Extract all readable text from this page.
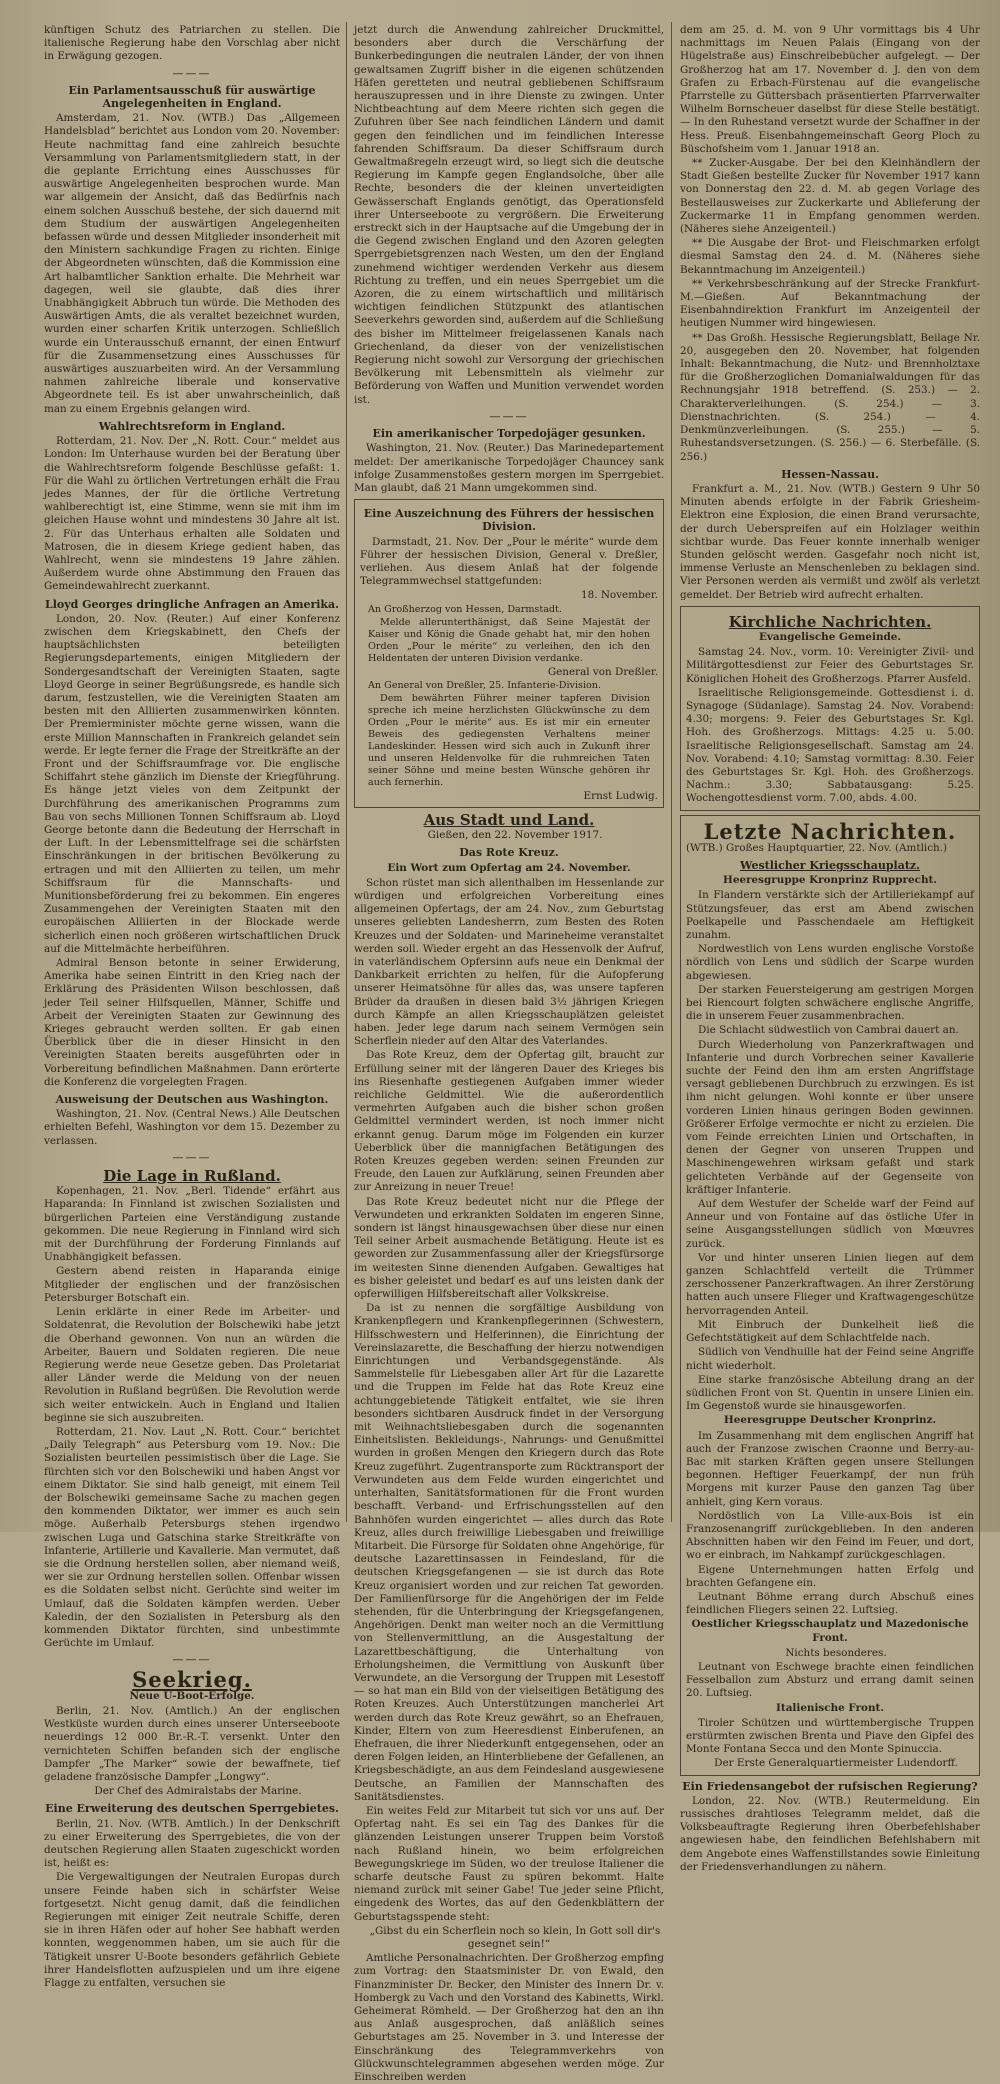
künftigen Schutz des Patriarchen zu stellen. Die italienische Regierung habe den Vorschlag aber nicht in Erwägung gezogen.

———
Ein Parlamentsausschuß für auswärtige Angelegenheiten in England.

Amsterdam, 21. Nov. (WTB.) Das „Allgemeen Handelsblad“ berichtet aus London vom 20. November: Heute nachmittag fand eine zahlreich besuchte Versammlung von Parlamentsmitgliedern statt, in der die geplante Errichtung eines Ausschusses für auswärtige Angelegenheiten besprochen wurde. Man war allgemein der Ansicht, daß das Bedürfnis nach einem solchen Ausschuß bestehe, der sich dauernd mit dem Studium der auswärtigen Angelegenheiten befassen würde und dessen Mitglieder insonderheit mit den Ministern sachkundige Fragen zu richten. Einige der Abgeordneten wünschten, daß die Kommission eine Art halbamtlicher Sanktion erhalte. Die Mehrheit war dagegen, weil sie glaubte, daß dies ihrer Unabhängigkeit Abbruch tun würde. Die Methoden des Auswärtigen Amts, die als veraltet bezeichnet wurden, wurden einer scharfen Kritik unterzogen. Schließlich wurde ein Unterausschuß ernannt, der einen Entwurf für die Zusammensetzung eines Ausschusses für auswärtiges auszuarbeiten wird. An der Versammlung nahmen zahlreiche liberale und konservative Abgeordnete teil. Es ist aber unwahrscheinlich, daß man zu einem Ergebnis gelangen wird.

Wahlrechtsreform in England.

Rotterdam, 21. Nov. Der „N. Rott. Cour.“ meldet aus London: Im Unterhause wurden bei der Beratung über die Wahlrechtsreform folgende Beschlüsse gefaßt: 1. Für die Wahl zu örtlichen Vertretungen erhält die Frau jedes Mannes, der für die örtliche Vertretung wahlberechtigt ist, eine Stimme, wenn sie mit ihm im gleichen Hause wohnt und mindestens 30 Jahre alt ist. 2. Für das Unterhaus erhalten alle Soldaten und Matrosen, die in diesem Kriege gedient haben, das Wahlrecht, wenn sie mindestens 19 Jahre zählen. Außerdem wurde ohne Abstimmung den Frauen das Gemeindewahlrecht zuerkannt.

Lloyd Georges dringliche Anfragen an Amerika.

London, 20. Nov. (Reuter.) Auf einer Konferenz zwischen dem Kriegskabinett, den Chefs der hauptsächlichsten beteiligten Regierungsdepartements, einigen Mitgliedern der Sondergesandtschaft der Vereinigten Staaten, sagte Lloyd George in seiner Begrüßungsrede, es handle sich darum, festzustellen, wie die Vereinigten Staaten am besten mit den Alliierten zusammenwirken könnten. Der Premierminister möchte gerne wissen, wann die erste Million Mannschaften in Frankreich gelandet sein werde. Er legte ferner die Frage der Streitkräfte an der Front und der Schiffsraumfrage vor. Die englische Schiffahrt stehe gänzlich im Dienste der Kriegführung. Es hänge jetzt vieles von dem Zeitpunkt der Durchführung des amerikanischen Programms zum Bau von sechs Millionen Tonnen Schiffsraum ab. Lloyd George betonte dann die Bedeutung der Herrschaft in der Luft. In der Lebensmittelfrage sei die schärfsten Einschränkungen in der britischen Bevölkerung zu ertragen und mit den Alliierten zu teilen, um mehr Schiffsraum für die Mannschafts- und Munitionsbeförderung frei zu bekommen. Ein engeres Zusammengehen der Vereinigten Staaten mit den europäischen Alliierten in der Blockade werde sicherlich einen noch größeren wirtschaftlichen Druck auf die Mittelmächte herbeiführen.

Admiral Benson betonte in seiner Erwiderung, Amerika habe seinen Eintritt in den Krieg nach der Erklärung des Präsidenten Wilson beschlossen, daß jeder Teil seiner Hilfsquellen, Männer, Schiffe und Arbeit der Vereinigten Staaten zur Gewinnung des Krieges gebraucht werden sollten. Er gab einen Überblick über die in dieser Hinsicht in den Vereinigten Staaten bereits ausgeführten oder in Vorbereitung befindlichen Maßnahmen. Dann erörterte die Konferenz die vorgelegten Fragen.

Ausweisung der Deutschen aus Washington.

Washington, 21. Nov. (Central News.) Alle Deutschen erhielten Befehl, Washington vor dem 15. Dezember zu verlassen.

———
Die Lage in Rußland.

Kopenhagen, 21. Nov. „Berl. Tidende“ erfährt aus Haparanda: In Finnland ist zwischen Sozialisten und bürgerlichen Parteien eine Verständigung zustande gekommen. Die neue Regierung in Finnland wird sich mit der Durchführung der Forderung Finnlands auf Unabhängigkeit befassen.

Gestern abend reisten in Haparanda einige Mitglieder der englischen und der französischen Petersburger Botschaft ein.

Lenin erklärte in einer Rede im Arbeiter- und Soldatenrat, die Revolution der Bolschewiki habe jetzt die Oberhand gewonnen. Von nun an würden die Arbeiter, Bauern und Soldaten regieren. Die neue Regierung werde neue Gesetze geben. Das Proletariat aller Länder werde die Meldung von der neuen Revolution in Rußland begrüßen. Die Revolution werde sich weiter entwickeln. Auch in England und Italien beginne sie sich auszubreiten.

Rotterdam, 21. Nov. Laut „N. Rott. Cour.“ berichtet „Daily Telegraph“ aus Petersburg vom 19. Nov.: Die Sozialisten beurteilen pessimistisch über die Lage. Sie fürchten sich vor den Bolschewiki und haben Angst vor einem Diktator. Sie sind halb geneigt, mit einem Teil der Bolschewiki gemeinsame Sache zu machen gegen den kommenden Diktator, wer immer es auch sein möge. Außerhalb Petersburgs stehen irgendwo zwischen Luga und Gatschina starke Streitkräfte von Infanterie, Artillerie und Kavallerie. Man vermutet, daß sie die Ordnung herstellen sollen, aber niemand weiß, wer sie zur Ordnung herstellen sollen. Offenbar wissen es die Soldaten selbst nicht. Gerüchte sind weiter im Umlauf, daß die Soldaten kämpfen werden. Ueber Kaledin, der den Sozialisten in Petersburg als den kommenden Diktator fürchten, sind unbestimmte Gerüchte im Umlauf.

———
Seekrieg.
Neue U-Boot-Erfolge.

Berlin, 21. Nov. (Amtlich.) An der englischen Westküste wurden durch eines unserer Unterseeboote neuerdings 12 000 Br.-R.-T. versenkt. Unter den vernichteten Schiffen befanden sich der englische Dampfer „The Marker“ sowie der bewaffnete, tief geladene französische Dampfer „Longwy“.

Der Chef des Admiralstabs der Marine.

Eine Erweiterung des deutschen Sperrgebietes.

Berlin, 21. Nov. (WTB. Amtlich.) In der Denkschrift zu einer Erweiterung des Sperrgebietes, die von der deutschen Regierung allen Staaten zugeschickt worden ist, heißt es:

Die Vergewaltigungen der Neutralen Europas durch unsere Feinde haben sich in schärfster Weise fortgesetzt. Nicht genug damit, daß die feindlichen Regierungen mit einiger Zeit neutrale Schiffe, deren sie in ihren Häfen oder auf hoher See habhaft werden konnten, weggenommen haben, um sie auch für die Tätigkeit unsrer U-Boote besonders gefährlich Gebiete ihrer Handelsflotten aufzuspielen und um ihre eigene Flagge zu entfalten, versuchen sie

jetzt durch die Anwendung zahlreicher Druckmittel, besonders aber durch die Verschärfung der Bunkerbedingungen die neutralen Länder, der von ihnen gewaltsamen Zugriff bisher in die eigenen schützenden Häfen geretteten und neutral gebliebenen Schiffsraum herauszupressen und in ihre Dienste zu zwingen. Unter Nichtbeachtung auf dem Meere richten sich gegen die Zufuhren über See nach feindlichen Ländern und damit gegen den feindlichen und im feindlichen Interesse fahrenden Schiffsraum. Da dieser Schiffsraum durch Gewaltmaßregeln erzeugt wird, so liegt sich die deutsche Regierung im Kampfe gegen Englandsolche, über alle Rechte, besonders die der kleinen unverteidigten Gewässerschaft Englands genötigt, das Operationsfeld ihrer Unterseeboote zu vergrößern. Die Erweiterung erstreckt sich in der Hauptsache auf die Umgebung der in die Gegend zwischen England und den Azoren gelegten Sperrgebietsgrenzen nach Westen, um den der England zunehmend wichtiger werdenden Verkehr aus diesem Richtung zu treffen, und ein neues Sperrgebiet um die Azoren, die zu einem wirtschaftlich und militärisch wichtigen feindlichen Stützpunkt des atlantischen Seeverkehrs geworden sind, außerdem auf die Schließung des bisher im Mittelmeer freigelassenen Kanals nach Griechenland, da dieser von der venizelistischen Regierung nicht sowohl zur Versorgung der griechischen Bevölkerung mit Lebensmitteln als vielmehr zur Beförderung von Waffen und Munition verwendet worden ist.

———
Ein amerikanischer Torpedojäger gesunken.

Washington, 21. Nov. (Reuter.) Das Marinedepartement meldet: Der amerikanische Torpedojäger Chauncey sank infolge Zusammenstoßes gestern morgen im Sperrgebiet. Man glaubt, daß 21 Mann umgekommen sind.

Eine Auszeichnung des Führers der hessischen Division.

Darmstadt, 21. Nov. Der „Pour le mérite“ wurde dem Führer der hessischen Division, General v. Dreßler, verliehen. Aus diesem Anlaß hat der folgende Telegrammwechsel stattgefunden:

18. November.

An Großherzog von Hessen, Darmstadt.

Melde allerunterthänigst, daß Seine Majestät der Kaiser und König die Gnade gehabt hat, mir den hohen Orden „Pour le mérite“ zu verleihen, den ich den Heldentaten der unteren Division verdanke.

General von Dreßler.

An General von Dreßler, 25. Infanterie-Division.

Dem bewährten Führer meiner tapferen Division spreche ich meine herzlichsten Glückwünsche zu dem Orden „Pour le mérite“ aus. Es ist mir ein erneuter Beweis des gediegensten Verhaltens meiner Landeskinder. Hessen wird sich auch in Zukunft ihrer und unseren Heldenvolke für die ruhmreichen Taten seiner Söhne und meine besten Wünsche gehören ihr auch fernerhin.

Ernst Ludwig.

Aus Stadt und Land.

Gießen, den 22. November 1917.

Das Rote Kreuz.
Ein Wort zum Opfertag am 24. November.

Schon rüstet man sich allenthalben im Hessenlande zur würdigen und erfolgreichen Vorbereitung eines allgemeinen Opfertags, der am 24. Nov., zum Geburtstag unseres geliebten Landesherrn, zum Besten des Roten Kreuzes und der Soldaten- und Marineheime veranstaltet werden soll. Wieder ergeht an das Hessenvolk der Aufruf, in vaterländischem Opfersinn aufs neue ein Denkmal der Dankbarkeit errichten zu helfen, für die Aufopferung unserer Heimatsöhne für alles das, was unsere tapferen Brüder da draußen in diesen bald 3½ jährigen Kriegen durch Kämpfe an allen Kriegsschauplätzen geleistet haben. Jeder lege darum nach seinem Vermögen sein Scherflein nieder auf den Altar des Vaterlandes.

Das Rote Kreuz, dem der Opfertag gilt, braucht zur Erfüllung seiner mit der längeren Dauer des Krieges bis ins Riesenhafte gestiegenen Aufgaben immer wieder reichliche Geldmittel. Wie die außerordentlich vermehrten Aufgaben auch die bisher schon großen Geldmittel vermindert werden, ist noch immer nicht erkannt genug. Darum möge im Folgenden ein kurzer Ueberblick über die mannigfachen Betätigungen des Roten Kreuzes gegeben werden: seinen Freunden zur Freude, den Lauen zur Aufklärung, seinen Freunden aber zur Anreizung in neuer Treue!

Das Rote Kreuz bedeutet nicht nur die Pflege der Verwundeten und erkrankten Soldaten im engeren Sinne, sondern ist längst hinausgewachsen über diese nur einen Teil seiner Arbeit ausmachende Betätigung. Heute ist es geworden zur Zusammenfassung aller der Kriegsfürsorge im weitesten Sinne dienenden Aufgaben. Gewaltiges hat es bisher geleistet und bedarf es auf uns leisten dank der opferwilligen Hilfsbereitschaft aller Volkskreise.

Da ist zu nennen die sorgfältige Ausbildung von Krankenpflegern und Krankenpflegerinnen (Schwestern, Hilfsschwestern und Helferinnen), die Einrichtung der Vereinslazarette, die Beschaffung der hierzu notwendigen Einrichtungen und Verbandsgegenstände. Als Sammelstelle für Liebesgaben aller Art für die Lazarette und die Truppen im Felde hat das Rote Kreuz eine achtunggebietende Tätigkeit entfaltet, wie sie ihren besonders sichtbaren Ausdruck findet in der Versorgung mit Weihnachtsliebesgaben durch die sogenannten Einheitslisten. Bekleidungs-, Nahrungs- und Genußmittel wurden in großen Mengen den Kriegern durch das Rote Kreuz zugeführt. Zugentransporte zum Rücktransport der Verwundeten aus dem Felde wurden eingerichtet und unterhalten, Sanitätsformationen für die Front wurden beschafft. Verband- und Erfrischungsstellen auf den Bahnhöfen wurden eingerichtet — alles durch das Rote Kreuz, alles durch freiwillige Liebesgaben und freiwillige Mitarbeit. Die Fürsorge für Soldaten ohne Angehörige, für deutsche Lazarettinsassen in Feindesland, für die deutschen Kriegsgefangenen — sie ist durch das Rote Kreuz organisiert worden und zur reichen Tat geworden. Der Familienfürsorge für die Angehörigen der im Felde stehenden, für die Unterbringung der Kriegsgefangenen, Angehörigen. Denkt man weiter noch an die Vermittlung von Stellenvermittlung, an die Ausgestaltung der Lazarettbeschäftigung, die Unterhaltung von Erholungsheimen, die Vermittlung von Auskunft über Verwundete, an die Versorgung der Truppen mit Lesestoff — so hat man ein Bild von der vielseitigen Betätigung des Roten Kreuzes. Auch Unterstützungen mancherlei Art werden durch das Rote Kreuz gewährt, so an Ehefrauen, Kinder, Eltern von zum Heeresdienst Einberufenen, an Ehefrauen, die ihrer Niederkunft entgegensehen, oder an deren Folgen leiden, an Hinterbliebene der Gefallenen, an Kriegsbeschädigte, an aus dem Feindesland ausgewiesene Deutsche, an Familien der Mannschaften des Sanitätsdienstes.

Ein weites Feld zur Mitarbeit tut sich vor uns auf. Der Opfertag naht. Es sei ein Tag des Dankes für die glänzenden Leistungen unserer Truppen beim Vorstoß nach Rußland hinein, wo beim erfolgreichen Bewegungskriege im Süden, wo der treulose Italiener die scharfe deutsche Faust zu spüren bekommt. Halte niemand zurück mit seiner Gabe! Tue jeder seine Pflicht, eingedenk des Wortes, das auf den Gedenkblättern der Geburtstagsspende steht:

„Gibst du ein Scherflein noch so klein, In Gott soll dir's gesegnet sein!“

Amtliche Personalnachrichten. Der Großherzog empfing zum Vortrag: den Staatsminister Dr. von Ewald, den Finanzminister Dr. Becker, den Minister des Innern Dr. v. Hombergk zu Vach und den Vorstand des Kabinetts, Wirkl. Geheimerat Römheld. — Der Großherzog hat den an ihn aus Anlaß ausgesprochen, daß anläßlich seines Geburtstages am 25. November in 3. und Interesse der Einschränkung des Telegrammverkehrs von Glückwunschtelegrammen abgesehen werden möge. Zur Einschreiben werden

dem am 25. d. M. von 9 Uhr vormittags bis 4 Uhr nachmittags im Neuen Palais (Eingang von der Hügelstraße aus) Einschreibebücher aufgelegt. — Der Großherzog hat am 17. November d. J. den von dem Grafen zu Erbach-Fürstenau auf die evangelische Pfarrstelle zu Güttersbach präsentierten Pfarrverwalter Wilhelm Bornscheuer daselbst für diese Stelle bestätigt. — In den Ruhestand versetzt wurde der Schaffner in der Hess. Preuß. Eisenbahngemeinschaft Georg Ploch zu Büschofsheim vom 1. Januar 1918 an.

** Zucker-Ausgabe. Der bei den Kleinhändlern der Stadt Gießen bestellte Zucker für November 1917 kann von Donnerstag den 22. d. M. ab gegen Vorlage des Bestellausweises zur Zuckerkarte und Ablieferung der Zuckermarke 11 in Empfang genommen werden. (Näheres siehe Anzeigenteil.)

** Die Ausgabe der Brot- und Fleischmarken erfolgt diesmal Samstag den 24. d. M. (Näheres siehe Bekanntmachung im Anzeigenteil.)

** Verkehrsbeschränkung auf der Strecke Frankfurt-M.—Gießen. Auf Bekanntmachung der Eisenbahndirektion Frankfurt im Anzeigenteil der heutigen Nummer wird hingewiesen.

** Das Großh. Hessische Regierungsblatt, Beilage Nr. 20, ausgegeben den 20. November, hat folgenden Inhalt: Bekanntmachung, die Nutz- und Brennholztaxe für die Großherzoglichen Domanialwaldungen für das Rechnungsjahr 1918 betreffend. (S. 253.) — 2. Charakterverleihungen. (S. 254.) — 3. Dienstnachrichten. (S. 254.) — 4. Denkmünzverleihungen. (S. 255.) — 5. Ruhestandsversetzungen. (S. 256.) — 6. Sterbefälle. (S. 256.)

Hessen-Nassau.

Frankfurt a. M., 21. Nov. (WTB.) Gestern 9 Uhr 50 Minuten abends erfolgte in der Fabrik Griesheim-Elektron eine Explosion, die einen Brand verursachte, der durch Ueberspreifen auf ein Holzlager weithin sichtbar wurde. Das Feuer konnte innerhalb weniger Stunden gelöscht werden. Gasgefahr noch nicht ist, immense Verluste an Menschenleben zu beklagen sind. Vier Personen werden als vermißt und zwölf als verletzt gemeldet. Der Betrieb wird aufrecht erhalten.

Kirchliche Nachrichten.
Evangelische Gemeinde.

Samstag 24. Nov., vorm. 10: Vereinigter Zivil- und Militärgottesdienst zur Feier des Geburtstages Sr. Königlichen Hoheit des Großherzogs. Pfarrer Ausfeld.

Israelitische Religionsgemeinde. Gottesdienst i. d. Synagoge (Südanlage). Samstag 24. Nov. Vorabend: 4.30; morgens: 9. Feier des Geburtstages Sr. Kgl. Hoh. des Großherzogs. Mittags: 4.25 u. 5.00. Israelitische Religionsgesellschaft. Samstag am 24. Nov. Vorabend: 4.10; Samstag vormittag: 8.30. Feier des Geburtstages Sr. Kgl. Hoh. des Großherzogs. Nachm.: 3.30; Sabbatausgang: 5.25. Wochengottesdienst vorm. 7.00, abds. 4.00.

Letzte Nachrichten.

(WTB.) Großes Hauptquartier, 22. Nov. (Amtlich.)

Westlicher Kriegsschauplatz.
Heeresgruppe Kronprinz Rupprecht.

In Flandern verstärkte sich der Artilleriekampf auf Stützungsfeuer, das erst am Abend zwischen Poelkapelle und Passchendaele am Heftigkeit zunahm.

Nordwestlich von Lens wurden englische Vorstoße nördlich von Lens und südlich der Scarpe wurden abgewiesen.

Der starken Feuersteigerung am gestrigen Morgen bei Riencourt folgten schwächere englische Angriffe, die in unserem Feuer zusammenbrachen.

Die Schlacht südwestlich von Cambrai dauert an.

Durch Wiederholung von Panzerkraftwagen und Infanterie und durch Vorbrechen seiner Kavallerie suchte der Feind den ihm am ersten Angriffstage versagt gebliebenen Durchbruch zu erzwingen. Es ist ihm nicht gelungen. Wohl konnte er über unsere vorderen Linien hinaus geringen Boden gewinnen. Größerer Erfolge vermochte er nicht zu erzielen. Die vom Feinde erreichten Linien und Ortschaften, in denen der Gegner von unseren Truppen und Maschinengewehren wirksam gefaßt und stark gelichteten Verbände auf der Gegenseite von kräftiger Infanterie.

Auf dem Westufer der Schelde warf der Feind auf Anneur und von Fontaine auf das östliche Ufer in seine Ausgangsstellungen südlich von Mœuvres zurück.

Vor und hinter unseren Linien liegen auf dem ganzen Schlachtfeld verteilt die Trümmer zerschossener Panzerkraftwagen. An ihrer Zerstörung hatten auch unsere Flieger und Kraftwagengeschütze hervorragenden Anteil.

Mit Einbruch der Dunkelheit ließ die Gefechtstätigkeit auf dem Schlachtfelde nach.

Südlich von Vendhuille hat der Feind seine Angriffe nicht wiederholt.

Eine starke französische Abteilung drang an der südlichen Front von St. Quentin in unsere Linien ein. Im Gegenstoß wurde sie hinausgeworfen.

Heeresgruppe Deutscher Kronprinz.

Im Zusammenhang mit dem englischen Angriff hat auch der Franzose zwischen Craonne und Berry-au-Bac mit starken Kräften gegen unsere Stellungen begonnen. Heftiger Feuerkampf, der nun früh Morgens mit kurzer Pause den ganzen Tag über anhielt, ging Kern voraus.

Nordöstlich von La Ville-aux-Bois ist ein Franzosenangriff zurückgeblieben. In den anderen Abschnitten haben wir den Feind im Feuer, und dort, wo er einbrach, im Nahkampf zurückgeschlagen.

Eigene Unternehmungen hatten Erfolg und brachten Gefangene ein.

Leutnant Böhme errang durch Abschuß eines feindlichen Fliegers seinen 22. Luftsieg.

Oestlicher Kriegsschauplatz und Mazedonische Front.

Nichts besonderes.

Leutnant von Eschwege brachte einen feindlichen Fesselballon zum Absturz und errang damit seinen 20. Luftsieg.

Italienische Front.

Tiroler Schützen und württembergische Truppen erstürmten zwischen Brenta und Piave den Gipfel des Monte Fontana Secca und den Monte Spinuccia.

Der Erste Generalquartiermeister Ludendorff.

Ein Friedensangebot der rufsischen Regierung?

London, 22. Nov. (WTB.) Reutermeldung. Ein russisches drahtloses Telegramm meldet, daß die Volksbeauftragte Regierung ihren Oberbefehlshaber angewiesen habe, den feindlichen Befehlshabern mit dem Angebote eines Waffenstillstandes sowie Einleitung der Friedensverhandlungen zu nähern.
